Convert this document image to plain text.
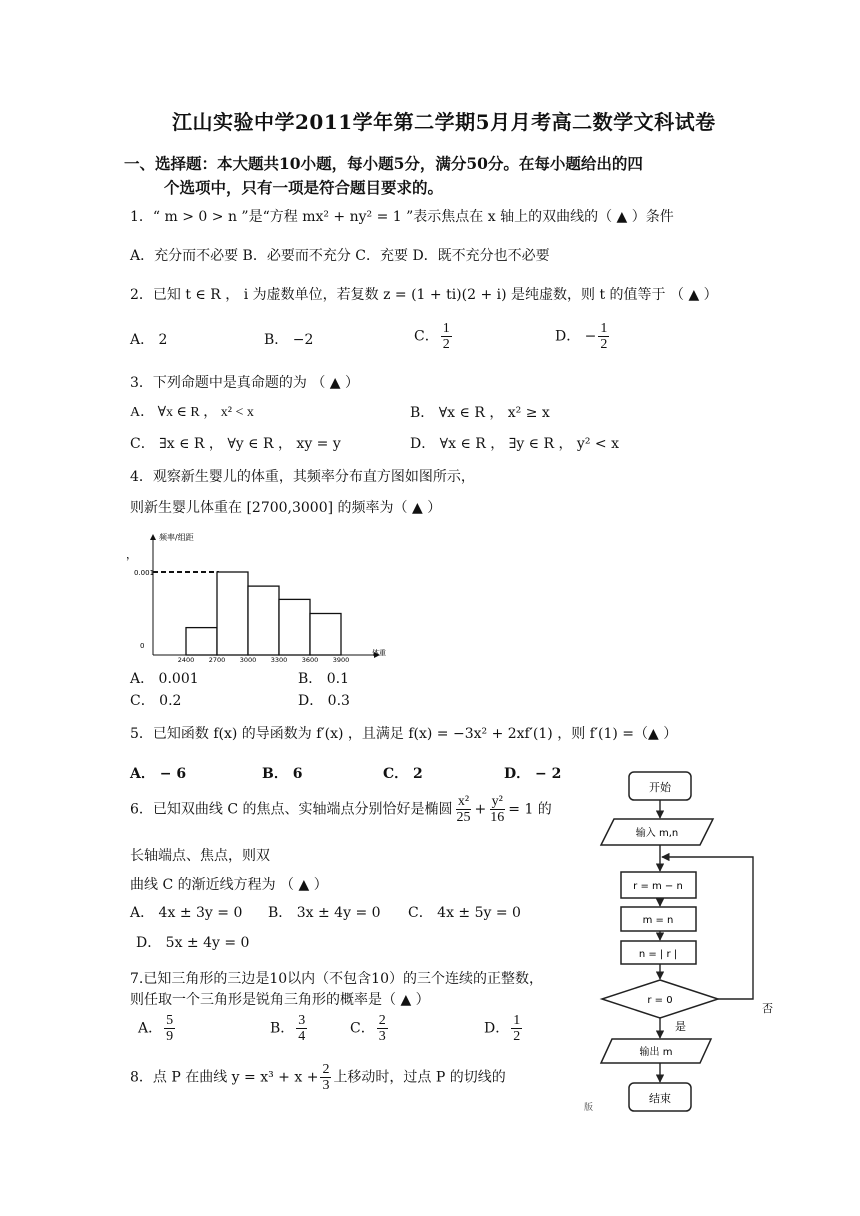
江山实验中学2011学年第二学期5月月考高二数学文科试卷
一、选择题：本大题共10小题，每小题5分，满分50分。在每小题给出的四
个选项中，只有一项是符合题目要求的。
1．“ m > 0 > n ”是“方程 mx² + ny² = 1 ”表示焦点在 x 轴上的双曲线的（ ▲ ）条件
A．充分而不必要 B．必要而不充分 C．充要 D．既不充分也不必要
2．已知 t ∈ R ， i 为虚数单位，若复数 z = (1 + ti)(2 + i) 是纯虚数，则 t 的值等于 （ ▲ ）
A． 2	B． −2	C． $\frac{1}{2}$	D． − $\frac{1}{2}$
3．下列命题中是真命题的为 （ ▲ ）
A． ∀x ∈ R ， x² < x	B． ∀x ∈ R ， x² ≥ x
C． ∃x ∈ R ， ∀y ∈ R ， xy = y	D． ∀x ∈ R ， ∃y ∈ R ， y² < x
4．观察新生婴儿的体重，其频率分布直方图如图所示，
则新生婴儿体重在 [2700,3000] 的频率为（ ▲ ）
，
频率/组距
0.001
0
2400 2700 3000 3300 3600 3900
体重
A． 0.001	B． 0.1
C． 0.2	D． 0.3
5．已知函数 f(x) 的导函数为 f′(x) ，且满足 f(x) = −3x² + 2xf′(1) ，则 f′(1) =（▲ ）
A． − 6	B． 6	C． 2	D． − 2
6．已知双曲线 C 的焦点、实轴端点分别恰好是椭圆 $\frac{\text{x²}}{25} + \frac{\text{y²}}{16} = 1$ 的
长轴端点、焦点，则双
曲线 C 的渐近线方程为 （ ▲ ）
A． 4x ± 3y = 0 B． 3x ± 4y = 0 C． 4x ± 5y = 0
D． 5x ± 4y = 0
7.已知三角形的三边是10以内（不包含10）的三个连续的正整数，
则任取一个三角形是锐角三角形的概率是（ ▲ ）
A． $\frac{5}{9}$	B． $\frac{3}{4}$	C． $\frac{2}{3}$	D． $\frac{1}{2}$
8．点 P 在曲线 $y = x^3 + x + \frac{2}{3}$ 上移动时，过点 P 的切线的
开始
输入 m,n
r = m − n
m = n
n = | r |
r = 0
否
是
输出 m
结束
版
